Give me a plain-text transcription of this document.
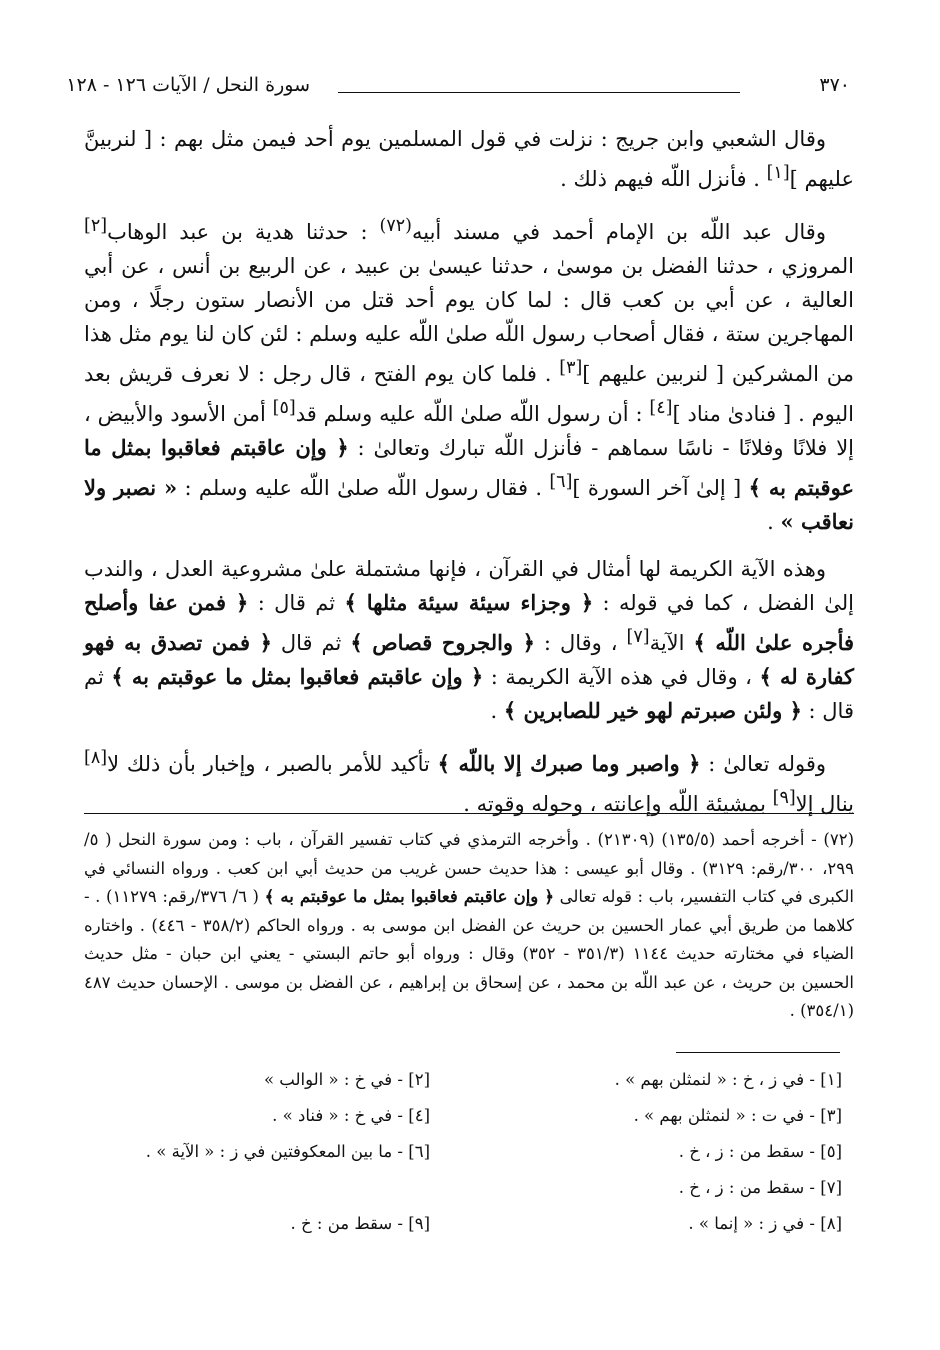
سورة النحل / الآيات ١٢٦ - ١٢٨	٣٧٠

وقال الشعبي وابن جريج : نزلت في قول المسلمين يوم أحد فيمن مثل بهم : [ لنربينَّ عليهم ][١] . فأنزل اللّه فيهم ذلك .

وقال عبد اللّه بن الإمام أحمد في مسند أبيه$^{(٧٢)}$ : حدثنا هدية بن عبد الوهاب[٢] المروزي ، حدثنا الفضل بن موسىٰ ، حدثنا عيسىٰ بن عبيد ، عن الربيع بن أنس ، عن أبي العالية ، عن أبي بن كعب قال : لما كان يوم أحد قتل من الأنصار ستون رجلًا ، ومن المهاجرين ستة ، فقال أصحاب رسول اللّه صلىٰ اللّه عليه وسلم : لئن كان لنا يوم مثل هذا من المشركين [ لنربين عليهم ][٣] . فلما كان يوم الفتح ، قال رجل : لا نعرف قريش بعد اليوم . [ فنادىٰ مناد ][٤] : أن رسول اللّه صلىٰ اللّه عليه وسلم قد[٥] أمن الأسود والأبيض ، إلا فلانًا وفلانًا - ناسًا سماهم - فأنزل اللّه تبارك وتعالىٰ : ﴿ وإن عاقبتم فعاقبوا بمثل ما عوقبتم به ﴾ [ إلىٰ آخر السورة ][٦] . فقال رسول اللّه صلىٰ اللّه عليه وسلم : « نصبر ولا نعاقب » .

وهذه الآية الكريمة لها أمثال في القرآن ، فإنها مشتملة علىٰ مشروعية العدل ، والندب إلىٰ الفضل ، كما في قوله : ﴿ وجزاء سيئة سيئة مثلها ﴾ ثم قال : ﴿ فمن عفا وأصلح فأجره علىٰ اللّه ﴾ الآية[٧] ، وقال : ﴿ والجروح قصاص ﴾ ثم قال ﴿ فمن تصدق به فهو كفارة له ﴾ ، وقال في هذه الآية الكريمة : ﴿ وإن عاقبتم فعاقبوا بمثل ما عوقبتم به ﴾ ثم قال : ﴿ ولئن صبرتم لهو خير للصابرين ﴾ .

وقوله تعالىٰ : ﴿ واصبر وما صبرك إلا باللّه ﴾ تأكيد للأمر بالصبر ، وإخبار بأن ذلك لا[٨] ينال إلا[٩] بمشيئة اللّه وإعانته ، وحوله وقوته .

(٧٢) - أخرجه أحمد (١٣٥/٥) (٢١٣٠٩) . وأخرجه الترمذي في كتاب تفسير القرآن ، باب : ومن سورة النحل ( ٥/ ٢٩٩، ٣٠٠/رقم: ٣١٢٩) . وقال أبو عيسى : هذا حديث حسن غريب من حديث أبي ابن كعب . ورواه النسائي في الكبرى في كتاب التفسير، باب : قوله تعالى ﴿ وإن عاقبتم فعاقبوا بمثل ما عوقبتم به ﴾ ( ٦/ ٣٧٦/رقم: ١١٢٧٩) . - كلاهما من طريق أبي عمار الحسين بن حريث عن الفضل ابن موسى به . ورواه الحاكم (٣٥٨/٢ - ٤٤٦) . واختاره الضياء في مختارته حديث ١١٤٤ (٣٥١/٣ - ٣٥٢) وقال : ورواه أبو حاتم البستي - يعني ابن حبان - مثل حديث الحسين بن حريث ، عن عبد اللّه بن محمد ، عن إسحاق بن إبراهيم ، عن الفضل بن موسى . الإحسان حديث ٤٨٧ (٣٥٤/١) .

[١] - في ز ، خ : « لنمثلن بهم » .
[٢] - في خ : « الوالب »
[٣] - في ت : « لنمثلن بهم » .
[٤] - في خ : « فناد » .
[٥] - سقط من : ز ، خ .
[٦] - ما بين المعكوفتين في ز : « الآية » .
[٧] - سقط من : ز ، خ .
[٨] - في ز : « إنما » .
[٩] - سقط من : خ .
